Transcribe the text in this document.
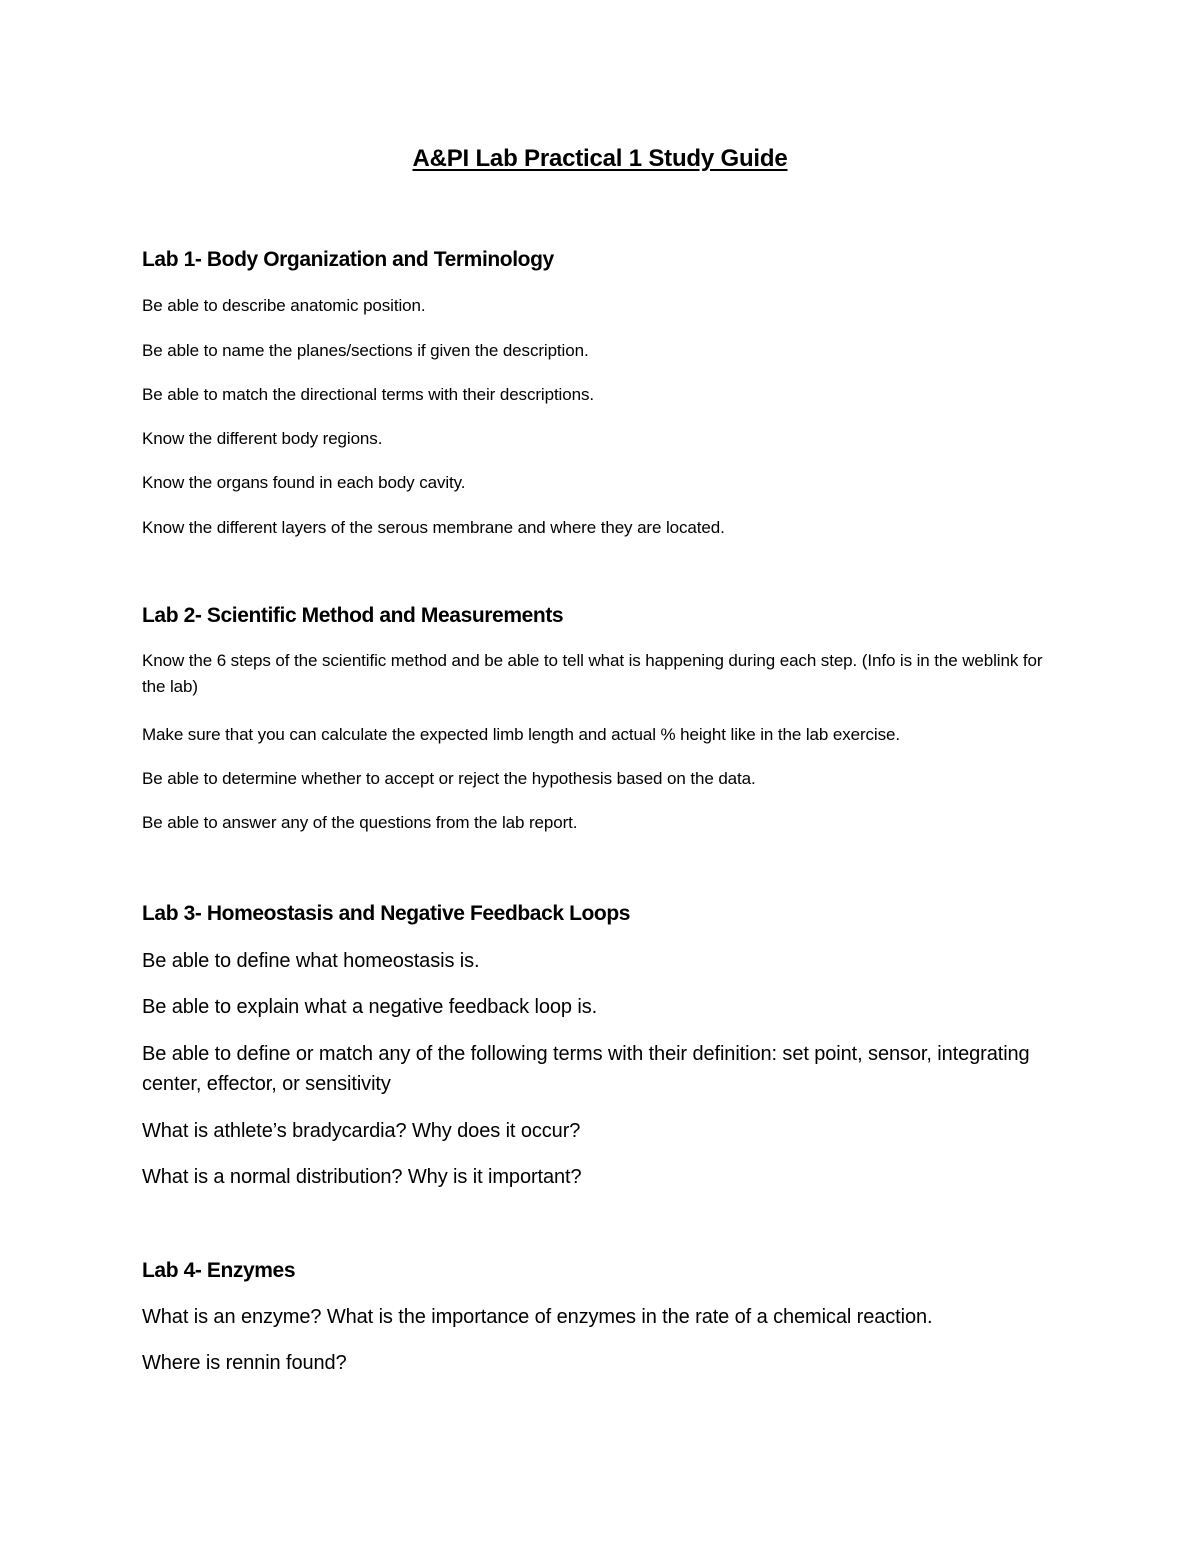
A&PI Lab Practical 1 Study Guide
Lab 1- Body Organization and Terminology
Be able to describe anatomic position.
Be able to name the planes/sections if given the description.
Be able to match the directional terms with their descriptions.
Know the different body regions.
Know the organs found in each body cavity.
Know the different layers of the serous membrane and where they are located.
Lab 2- Scientific Method and Measurements
Know the 6 steps of the scientific method and be able to tell what is happening during each step. (Info is in the weblink for the lab)
Make sure that you can calculate the expected limb length and actual % height like in the lab exercise.
Be able to determine whether to accept or reject the hypothesis based on the data.
Be able to answer any of the questions from the lab report.
Lab 3- Homeostasis and Negative Feedback Loops
Be able to define what homeostasis is.
Be able to explain what a negative feedback loop is.
Be able to define or match any of the following terms with their definition: set point, sensor, integrating center, effector, or sensitivity
What is athlete’s bradycardia? Why does it occur?
What is a normal distribution? Why is it important?
Lab 4- Enzymes
What is an enzyme? What is the importance of enzymes in the rate of a chemical reaction.
Where is rennin found?
